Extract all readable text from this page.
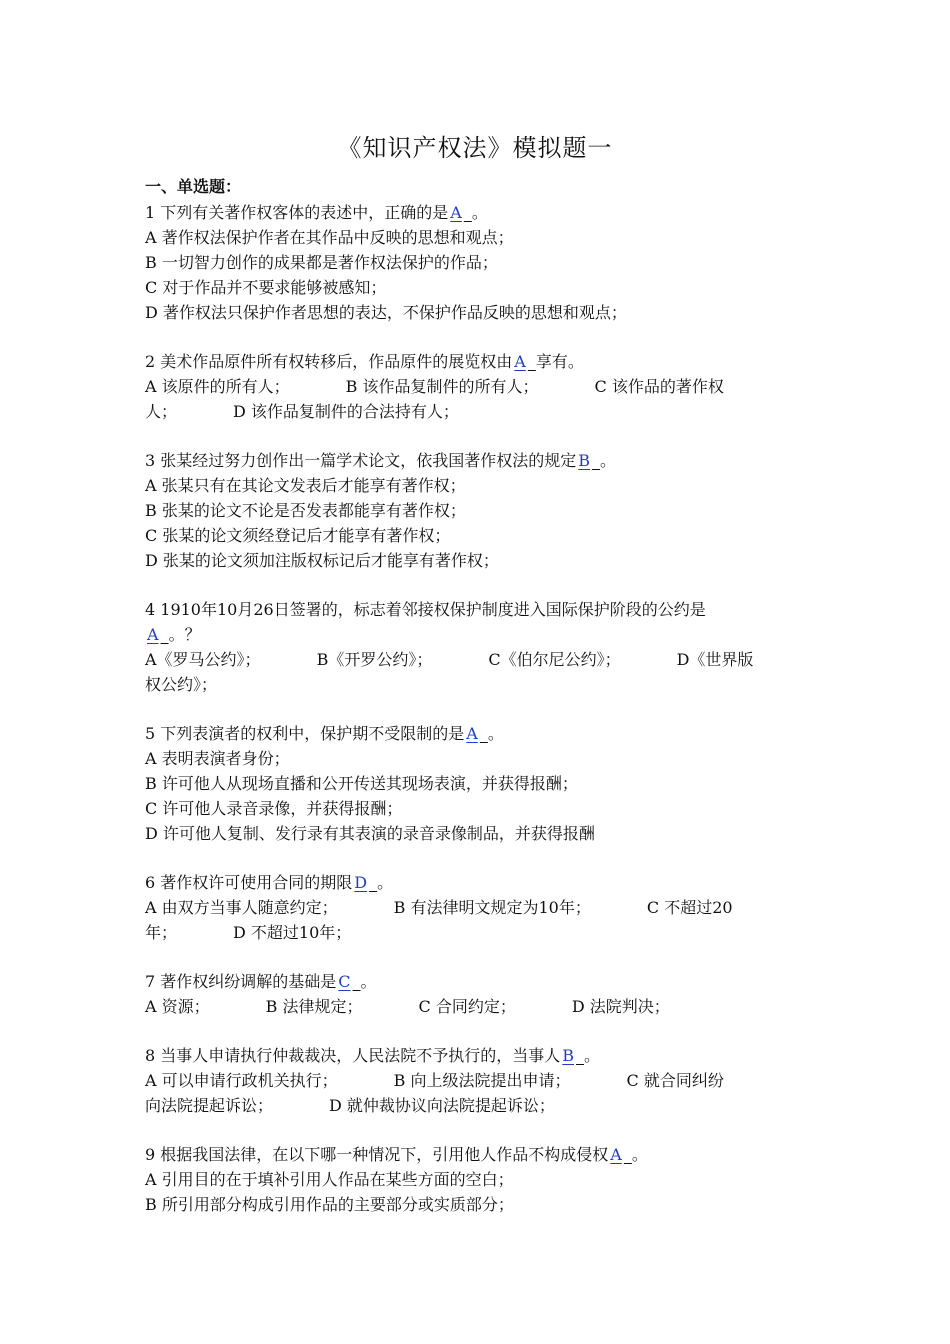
《知识产权法》模拟题一
一、单选题：
1 下列有关著作权客体的表述中，正确的是 A  。
A 著作权法保护作者在其作品中反映的思想和观点；
B 一切智力创作的成果都是著作权法保护的作品；
C 对于作品并不要求能够被感知；
D 著作权法只保护作者思想的表达，不保护作品反映的思想和观点；
2 美术作品原件所有权转移后，作品原件的展览权由 A  享有。
A 该原件的所有人；	B 该作品复制件的所有人；	C 该作品的著作权
人；	D 该作品复制件的合法持有人；
3 张某经过努力创作出一篇学术论文，依我国著作权法的规定 B  。
A 张某只有在其论文发表后才能享有著作权；
B 张某的论文不论是否发表都能享有著作权；
C 张某的论文须经登记后才能享有著作权；
D 张某的论文须加注版权标记后才能享有著作权；
4 1910年10月26日签署的，标志着邻接权保护制度进入国际保护阶段的公约是
A  。？
A《罗马公约》；	B《开罗公约》；	C《伯尔尼公约》；	D《世界版
权公约》；
5 下列表演者的权利中，保护期不受限制的是 A  。
A 表明表演者身份；
B 许可他人从现场直播和公开传送其现场表演，并获得报酬；
C 许可他人录音录像，并获得报酬；
D 许可他人复制、发行录有其表演的录音录像制品，并获得报酬
6 著作权许可使用合同的期限 D  。
A 由双方当事人随意约定；	B 有法律明文规定为10年；	C 不超过20
年；	D 不超过10年；
7 著作权纠纷调解的基础是 C  。
A 资源；	B 法律规定；	C 合同约定；	D 法院判决；
8 当事人申请执行仲裁裁决，人民法院不予执行的，当事人 B  。
A 可以申请行政机关执行；	B 向上级法院提出申请；	C 就合同纠纷
向法院提起诉讼；	D 就仲裁协议向法院提起诉讼；
9 根据我国法律，在以下哪一种情况下，引用他人作品不构成侵权 A  。
A 引用目的在于填补引用人作品在某些方面的空白；
B 所引用部分构成引用作品的主要部分或实质部分；
